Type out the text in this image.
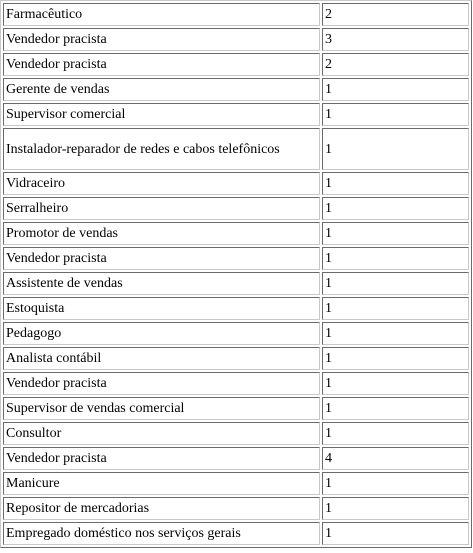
Farmacêutico	2
Vendedor pracista	3
Vendedor pracista	2
Gerente de vendas	1
Supervisor comercial	1
Instalador-reparador de redes e cabos telefônicos	1
Vidraceiro	1
Serralheiro	1
Promotor de vendas	1
Vendedor pracista	1
Assistente de vendas	1
Estoquista	1
Pedagogo	1
Analista contábil	1
Vendedor pracista	1
Supervisor de vendas comercial	1
Consultor	1
Vendedor pracista	4
Manicure	1
Repositor de mercadorias	1
Empregado doméstico nos serviços gerais	1
